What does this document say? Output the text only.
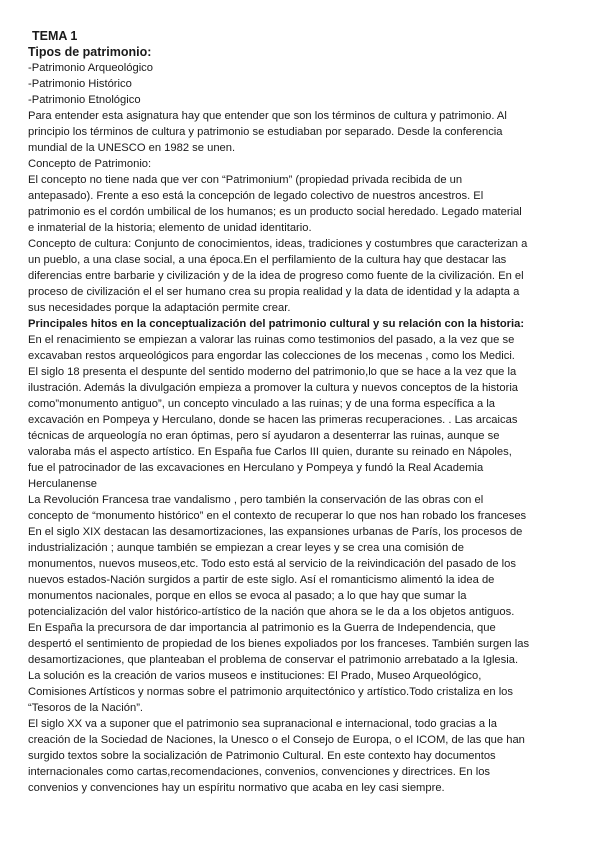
TEMA 1
Tipos de patrimonio:
-Patrimonio Arqueológico
-Patrimonio Histórico
-Patrimonio Etnológico
Para entender esta asignatura hay que entender que son los términos de cultura y patrimonio. Al
principio los términos de cultura y patrimonio se estudiaban por separado. Desde la conferencia
mundial de la UNESCO en 1982 se unen.
Concepto de Patrimonio:
El concepto no tiene nada que ver con “Patrimonium” (propiedad privada recibida de un
antepasado). Frente a eso está la concepción de legado colectivo de nuestros ancestros. El
patrimonio es el cordón umbilical de los humanos; es un producto social heredado. Legado material
e inmaterial de la historia; elemento de unidad identitario.
Concepto de cultura: Conjunto de conocimientos, ideas, tradiciones y costumbres que caracterizan a
un pueblo, a una clase social, a una época.En el perfilamiento de la cultura hay que destacar las
diferencias entre barbarie y civilización y de la idea de progreso como fuente de la civilización. En el
proceso de civilización el el ser humano crea su propia realidad y la data de identidad y la adapta a
sus necesidades porque la adaptación permite crear.
Principales hitos en la conceptualización del patrimonio cultural y su relación con la historia:
En el renacimiento se empiezan a valorar las ruinas como testimonios del pasado, a la vez que se
excavaban restos arqueológicos para engordar las colecciones de los mecenas , como los Medici.
El siglo 18 presenta el despunte del sentido moderno del patrimonio,lo que se hace a la vez que la
ilustración. Además la divulgación empieza a promover la cultura y nuevos conceptos de la historia
como”monumento antiguo”, un concepto vinculado a las ruinas; y de una forma específica a la
excavación en Pompeya y Herculano, donde se hacen las primeras recuperaciones. . Las arcaicas
técnicas de arqueología no eran óptimas, pero sí ayudaron a desenterrar las ruinas, aunque se
valoraba más el aspecto artístico. En España fue Carlos III quien, durante su reinado en Nápoles,
fue el patrocinador de las excavaciones en Herculano y Pompeya y fundó la Real Academia
Herculanense
La Revolución Francesa trae vandalismo , pero también la conservación de las obras con el
concepto de “monumento histórico” en el contexto de recuperar lo que nos han robado los franceses
En el siglo XIX destacan las desamortizaciones, las expansiones urbanas de París, los procesos de
industrialización ; aunque también se empiezan a crear leyes y se crea una comisión de
monumentos, nuevos museos,etc. Todo esto está al servicio de la reivindicación del pasado de los
nuevos estados-Nación surgidos a partir de este siglo. Así el romanticismo alimentó la idea de
monumentos nacionales, porque en ellos se evoca al pasado; a lo que hay que sumar la
potencialización del valor histórico-artístico de la nación que ahora se le da a los objetos antiguos.
En España la precursora de dar importancia al patrimonio es la Guerra de Independencia, que
despertó el sentimiento de propiedad de los bienes expoliados por los franceses. También surgen las
desamortizaciones, que planteaban el problema de conservar el patrimonio arrebatado a la Iglesia.
La solución es la creación de varios museos e instituciones: El Prado, Museo Arqueológico,
Comisiones Artísticos y normas sobre el patrimonio arquitectónico y artístico.Todo cristaliza en los
“Tesoros de la Nación”.
El siglo XX va a suponer que el patrimonio sea supranacional e internacional, todo gracias a la
creación de la Sociedad de Naciones, la Unesco o el Consejo de Europa, o el ICOM, de las que han
surgido textos sobre la socialización de Patrimonio Cultural. En este contexto hay documentos
internacionales como cartas,recomendaciones, convenios, convenciones y directrices. En los
convenios y convenciones hay un espíritu normativo que acaba en ley casi siempre.
